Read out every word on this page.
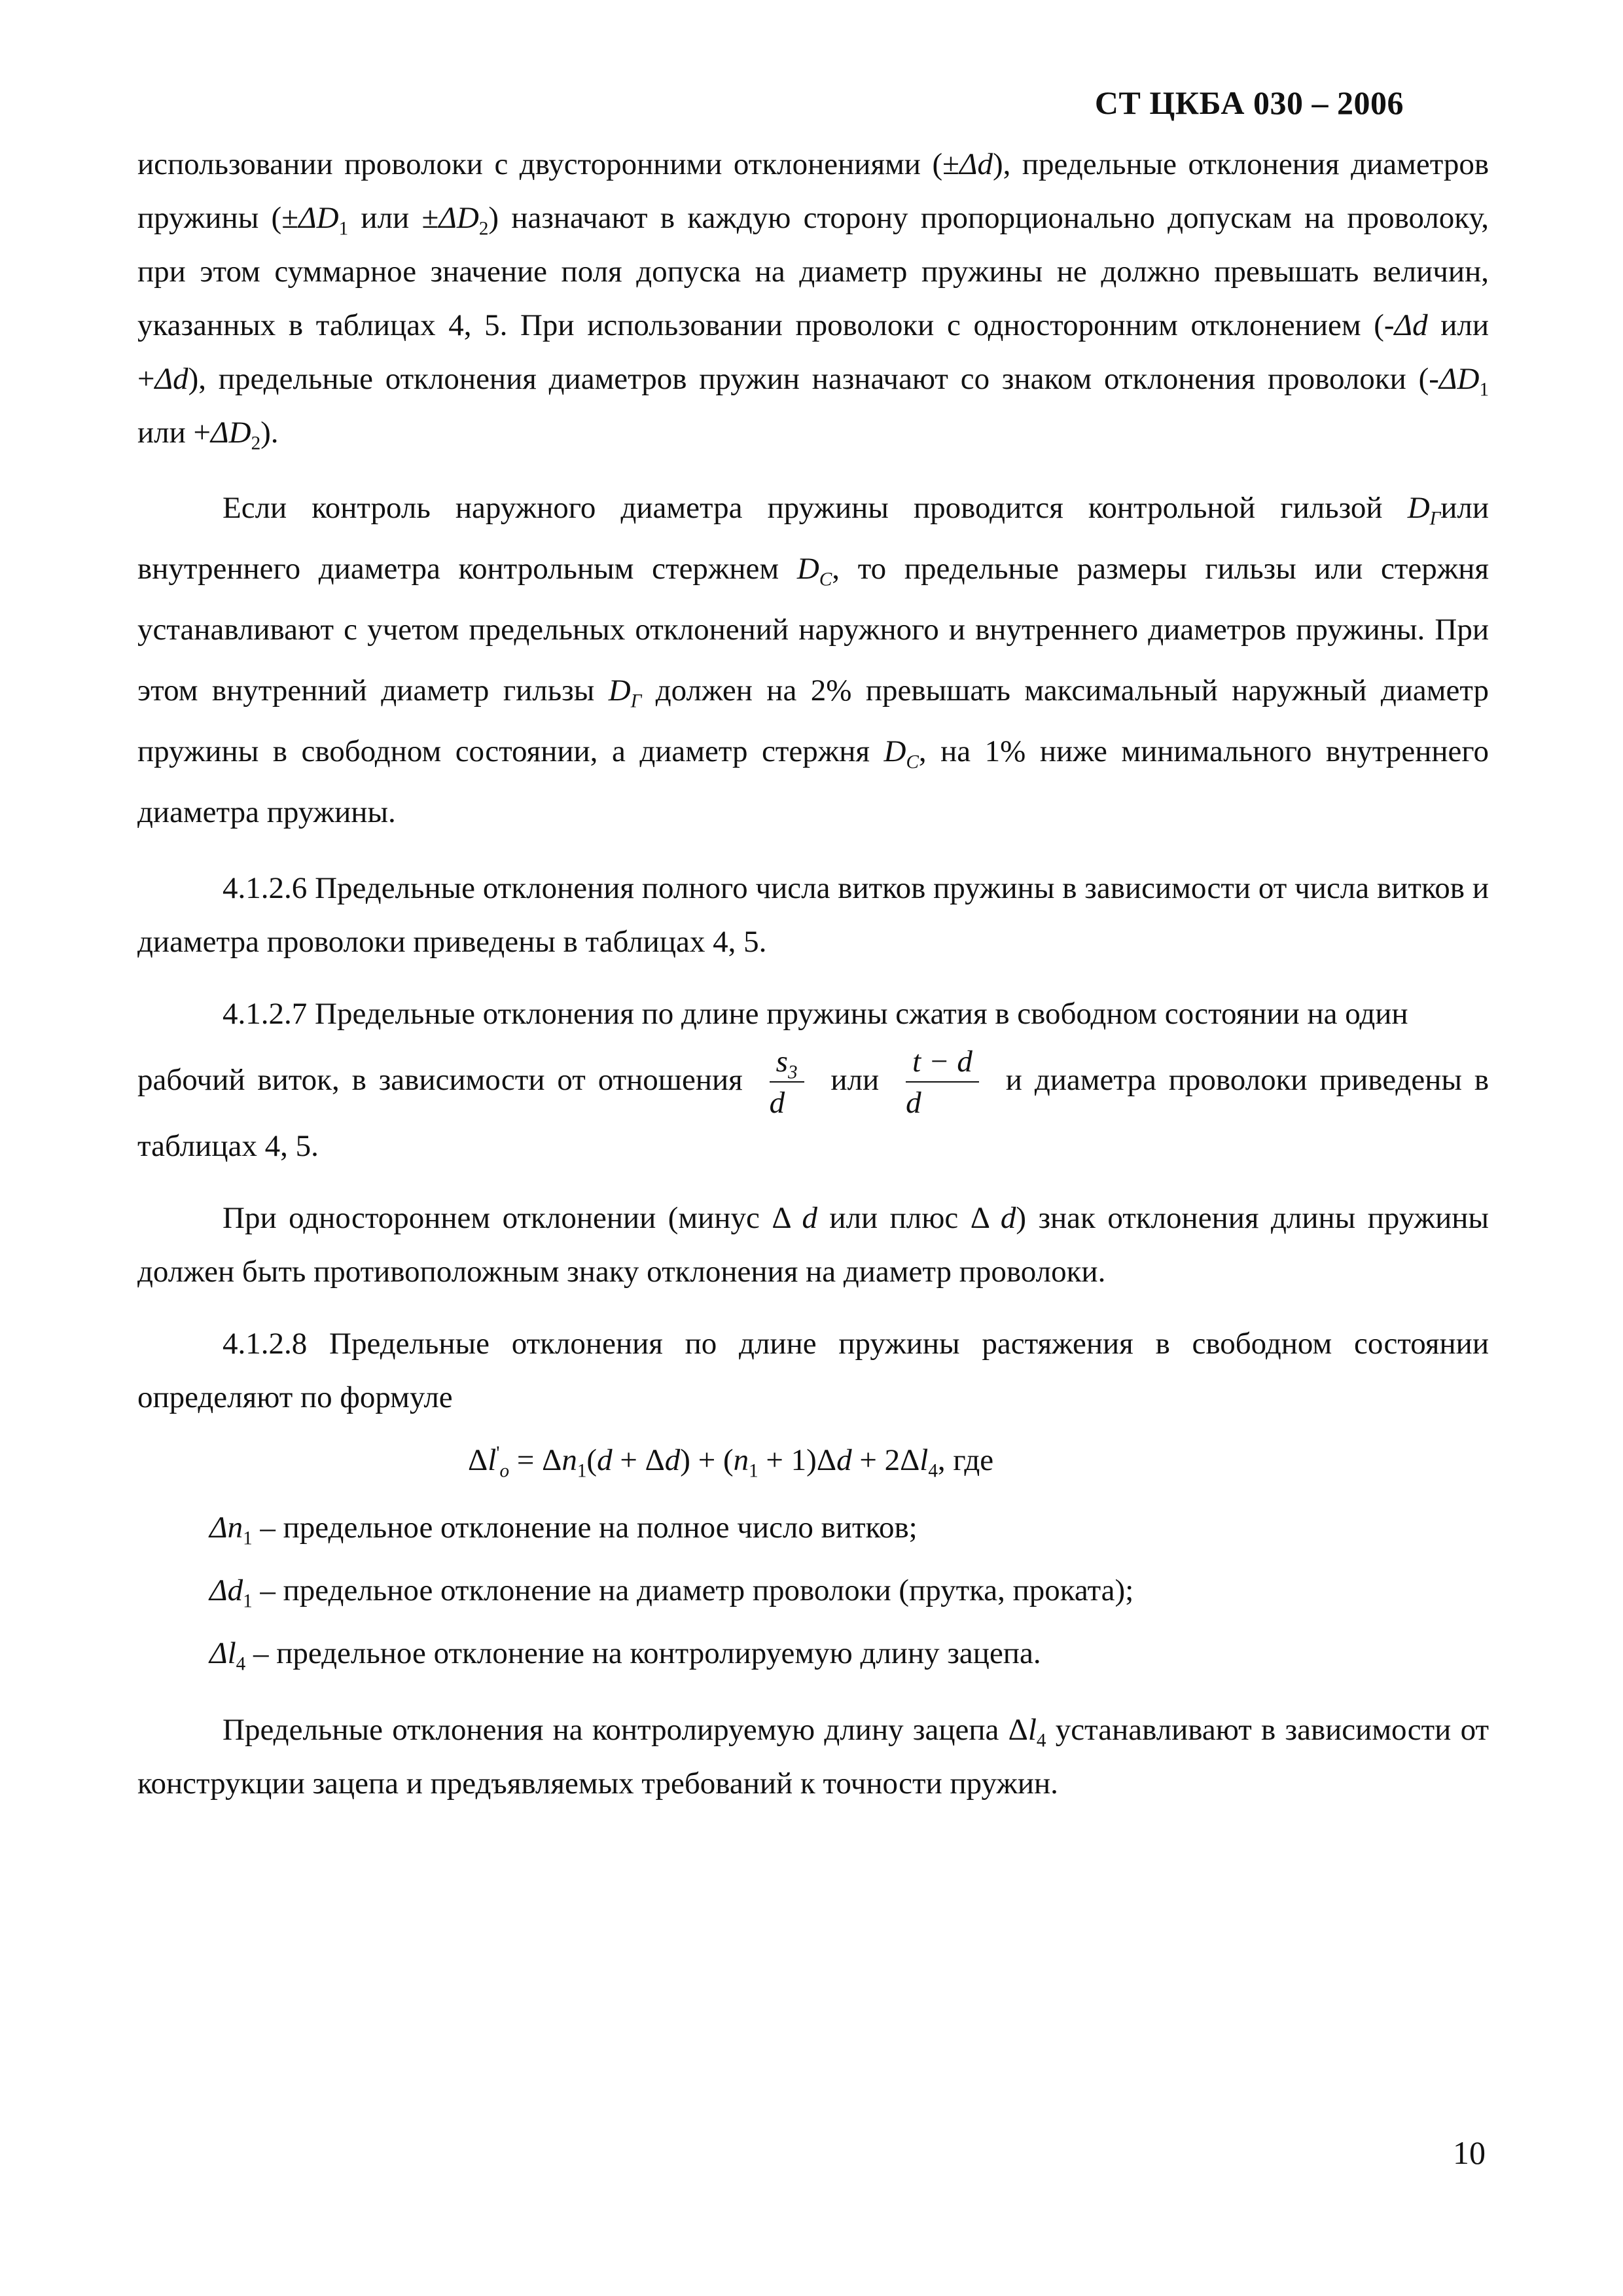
СТ ЦКБА 030 – 2006

использовании проволоки с двусторонними отклонениями (±Δd), предельные отклонения диаметров пружины ($\pm\Delta D_1$ или $\pm\Delta D_2$) назначают в каждую сторону пропорционально допускам на проволоку, при этом суммарное значение поля допуска на диаметр пружины не должно превышать величин, указанных в таблицах 4, 5. При использовании проволоки с односторонним отклонением (-Δd или +Δd), предельные отклонения диаметров пружин назначают со знаком отклонения проволоки ($-\Delta D_1$ или $+\Delta D_2$).

Если контроль наружного диаметра пружины проводится контрольной гильзой $D_Гили$ внутреннего диаметра контрольным стержнем $D_C$, то предельные размеры гильзы или стержня устанавливают с учетом предельных отклонений наружного и внутреннего диаметров пружины. При этом внутренний диаметр гильзы $D_Г$ должен на 2% превышать максимальный наружный диаметр пружины в свободном состоянии, а диаметр стержня $D_C$, на 1% ниже минимального внутреннего диаметра пружины.

4.1.2.6 Предельные отклонения полного числа витков пружины в зависимости от числа витков и диаметра проволоки приведены в таблицах 4, 5.

4.1.2.7 Предельные отклонения по длине пружины сжатия в свободном состоянии на один

рабочий виток, в зависимости от отношения $\frac{s_3}{d}$ или $\frac{t - d}{d}$ и диаметра проволоки приведены в

таблицах 4, 5.

При одностороннем отклонении (минус Δ d или плюс Δ d) знак отклонения длины пружины должен быть противоположным знаку отклонения на диаметр проволоки.

4.1.2.8 Предельные отклонения по длине пружины растяжения в свободном состоянии определяют по формуле

$\Delta l'_o = \Delta n_1(d + \Delta d) + (n_1 + 1)\Delta d + 2\Delta l_4$, где
$\Delta n_1$ – предельное отклонение на полное число витков;
$\Delta d_1$ – предельное отклонение на диаметр проволоки (прутка, проката);
$\Delta l_4$ – предельное отклонение на контролируемую длину зацепа.

Предельные отклонения на контролируемую длину зацепа $\Delta l_4$ устанавливают в зависимости от конструкции зацепа и предъявляемых требований к точности пружин.

10
